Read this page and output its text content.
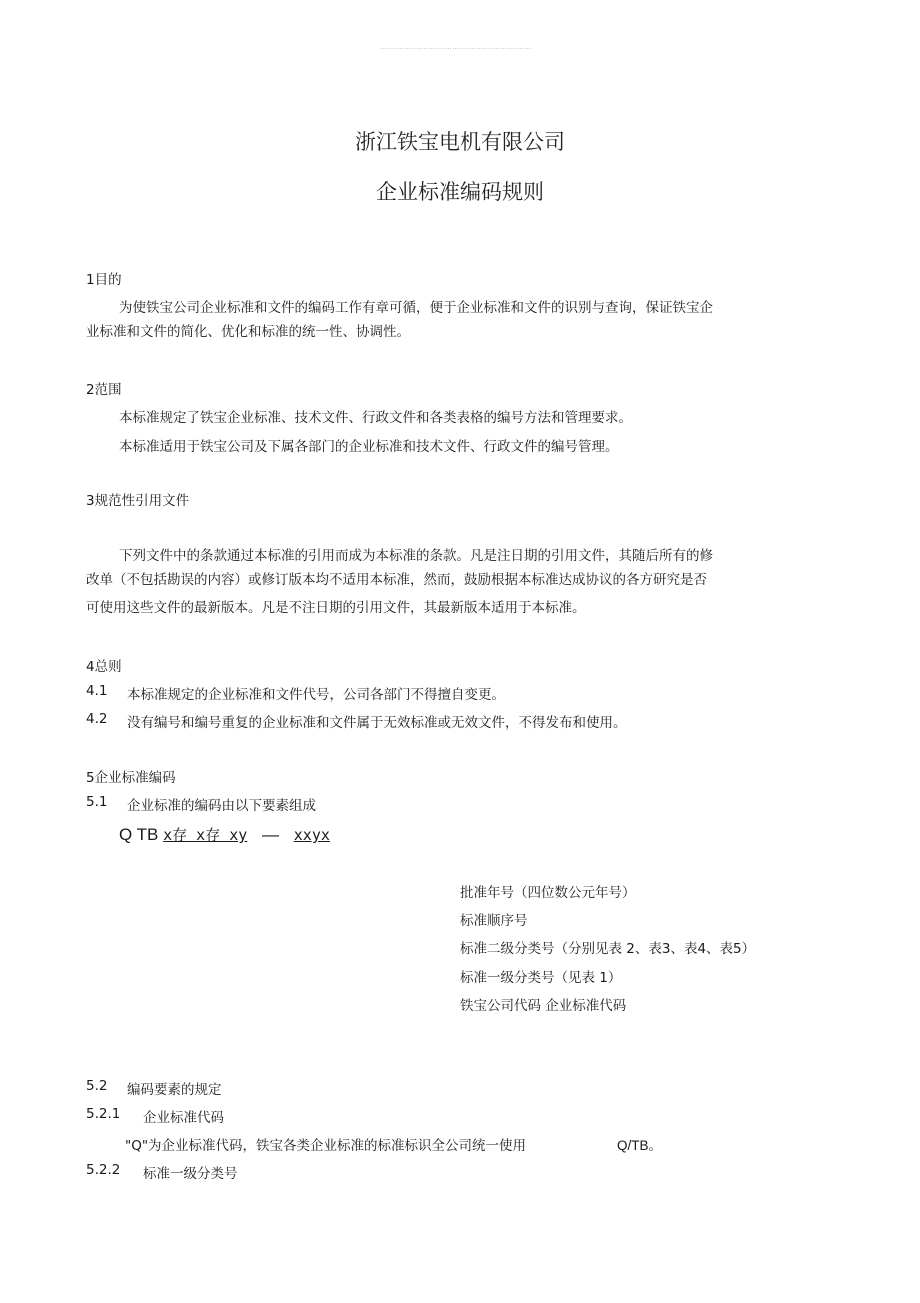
...............................................................
浙江铁宝电机有限公司
企业标准编码规则
1目的
为使铁宝公司企业标准和文件的编码工作有章可循，便于企业标准和文件的识别与查询，保证铁宝企
业标准和文件的简化、优化和标准的统一性、协调性。
2范围
本标准规定了铁宝企业标准、技术文件、行政文件和各类表格的编号方法和管理要求。
本标准适用于铁宝公司及下属各部门的企业标准和技术文件、行政文件的编号管理。
3规范性引用文件
下列文件中的条款通过本标准的引用而成为本标准的条款。凡是注日期的引用文件，其随后所有的修
改单（不包括勘误的内容）或修订版本均不适用本标准，然而，鼓励根据本标准达成协议的各方研究是否
可使用这些文件的最新版本。凡是不注日期的引用文件，其最新版本适用于本标准。
4总则
4.1 本标准规定的企业标准和文件代号，公司各部门不得擅自变更。
4.2 没有编号和编号重复的企业标准和文件属于无效标准或无效文件，不得发布和使用。
5企业标准编码
5.1 企业标准的编码由以下要素组成
Q TB x存 x存 xy — xxyx
批准年号（四位数公元年号）
标准顺序号
标准二级分类号（分别见表 2、表3、表4、表5）
标准一级分类号（见表 1）
铁宝公司代码 企业标准代码
5.2 编码要素的规定
5.2.1 企业标准代码
"Q"为企业标准代码，铁宝各类企业标准的标准标识全公司统一使用	Q/TB。
5.2.2 标准一级分类号
